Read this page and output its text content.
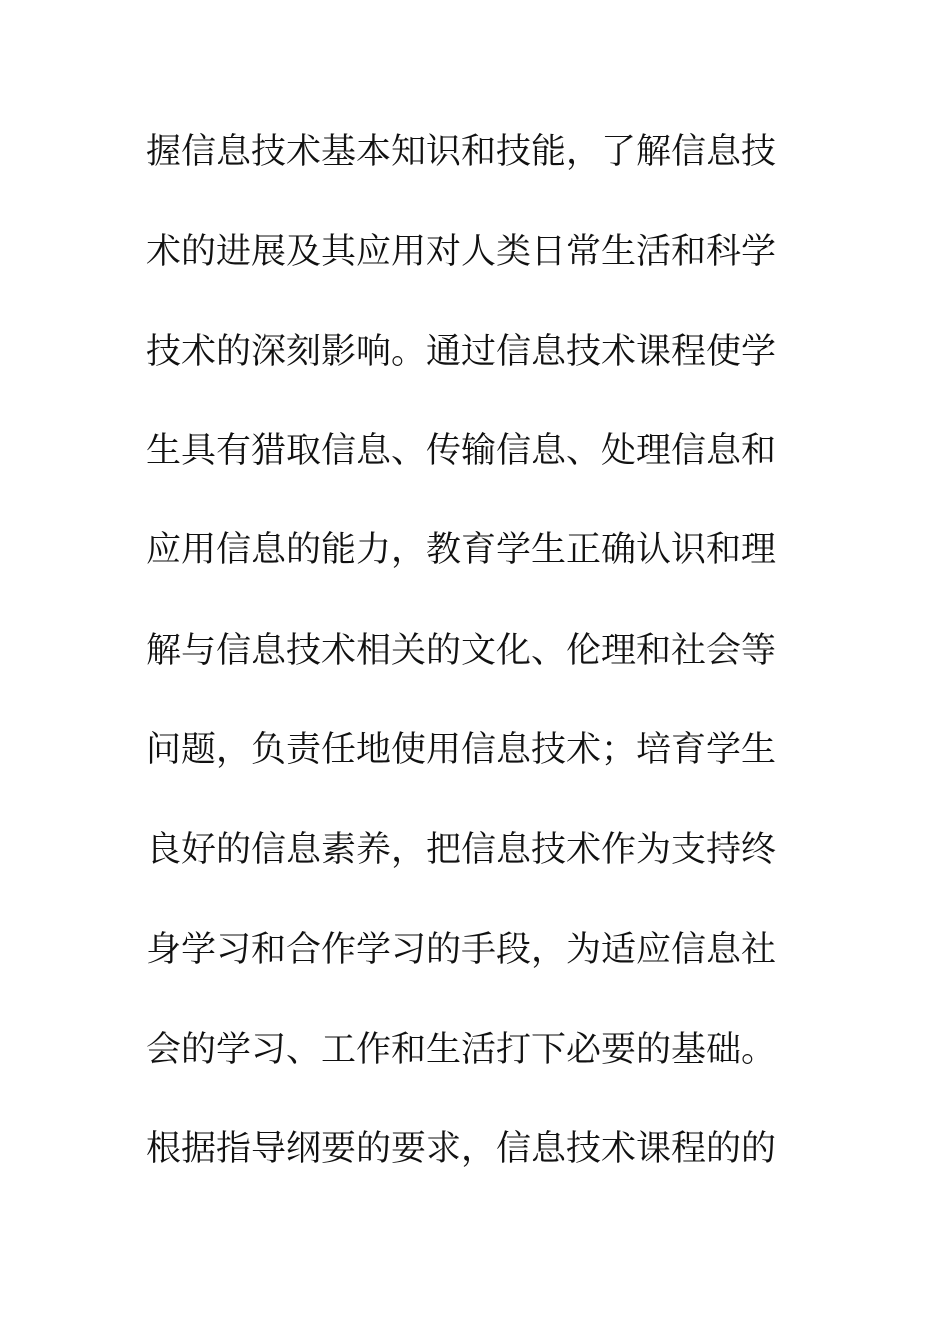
握信息技术基本知识和技能，了解信息技
术的进展及其应用对人类日常生活和科学
技术的深刻影响。通过信息技术课程使学
生具有猎取信息、传输信息、处理信息和
应用信息的能力，教育学生正确认识和理
解与信息技术相关的文化、伦理和社会等
问题，负责任地使用信息技术；培育学生
良好的信息素养，把信息技术作为支持终
身学习和合作学习的手段，为适应信息社
会的学习、工作和生活打下必要的基础。
根据指导纲要的要求，信息技术课程的的
